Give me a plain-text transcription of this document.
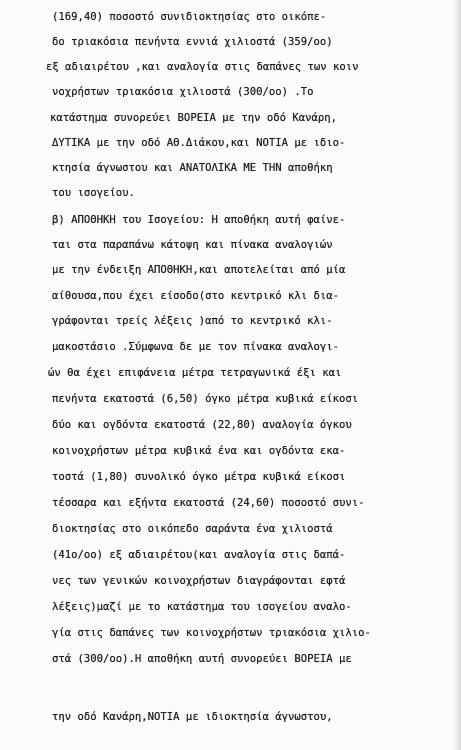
(169,40) ποσοστό συνιδιοκτησίας στο οικόπε-
δο τριακόσια πενήντα εννιά χιλιοστά (359/οο)
εξ αδιαιρέτου ,και αναλογία στις δαπάνες των κοιν
νοχρήστων τριακόσια χιλιοστά (300/οο) .Το
κατάστημα συνορεύει ΒΟΡΕΙΑ με την οδό Κανάρη,
ΔΥΤΙΚΑ με την οδό ΑΘ.Διάκου,και ΝΟΤΙΑ με ιδιο-
κτησία άγνωστου και ΑΝΑΤΟΛΙΚΑ ΜΕ ΤΗΝ αποθήκη
του ισογείου.
β) ΑΠΟΘΗΚΗ του Ισογείου: Η αποθήκη αυτή φαίνε-
ται στα παραπάνω κάτοψη και πίνακα αναλογιών
με την ένδειξη ΑΠΟΘΗΚΗ,και αποτελείται από μία
αίθουσα,που έχει είσοδο(στο κεντρικό κλι δια-
γράφονται τρείς λέξεις )από το κεντρικό κλι-
μακοστάσιο .Σύμφωνα δε με τον πίνακα αναλογι-
ών θα έχει επιφάνεια μέτρα τετραγωνικά έξι και
πενήντα εκατοστά (6,50) όγκο μέτρα κυβικά είκοσι
δύο και ογδόντα εκατοστά (22,80) αναλογία όγκου
κοινοχρήστων μέτρα κυβικά ένα και ογδόντα εκα-
τοστά (1,80) συνολικό όγκο μέτρα κυβικά είκοσι
τέσσαρα και εξήντα εκατοστά (24,60) ποσοστό συνι-
διοκτησίας στο οικόπεδο σαράντα ένα χιλιοστά
(41ο/οο) εξ αδιαιρέτου(και αναλογία στις δαπά-
νες των γενικών κοινοχρήστων διαγράφονται εφτά
λέξεις)μαζί με το κατάστημα του ισογείου αναλο-
γία στις δαπάνες των κοινοχρήστων τριακόσια χιλιο-
στά (300/οο).Η αποθήκη αυτή συνορεύει ΒΟΡΕΙΑ με
την οδό Κανάρη,ΝΟΤΙΑ με ιδιοκτησία άγνωστου,
